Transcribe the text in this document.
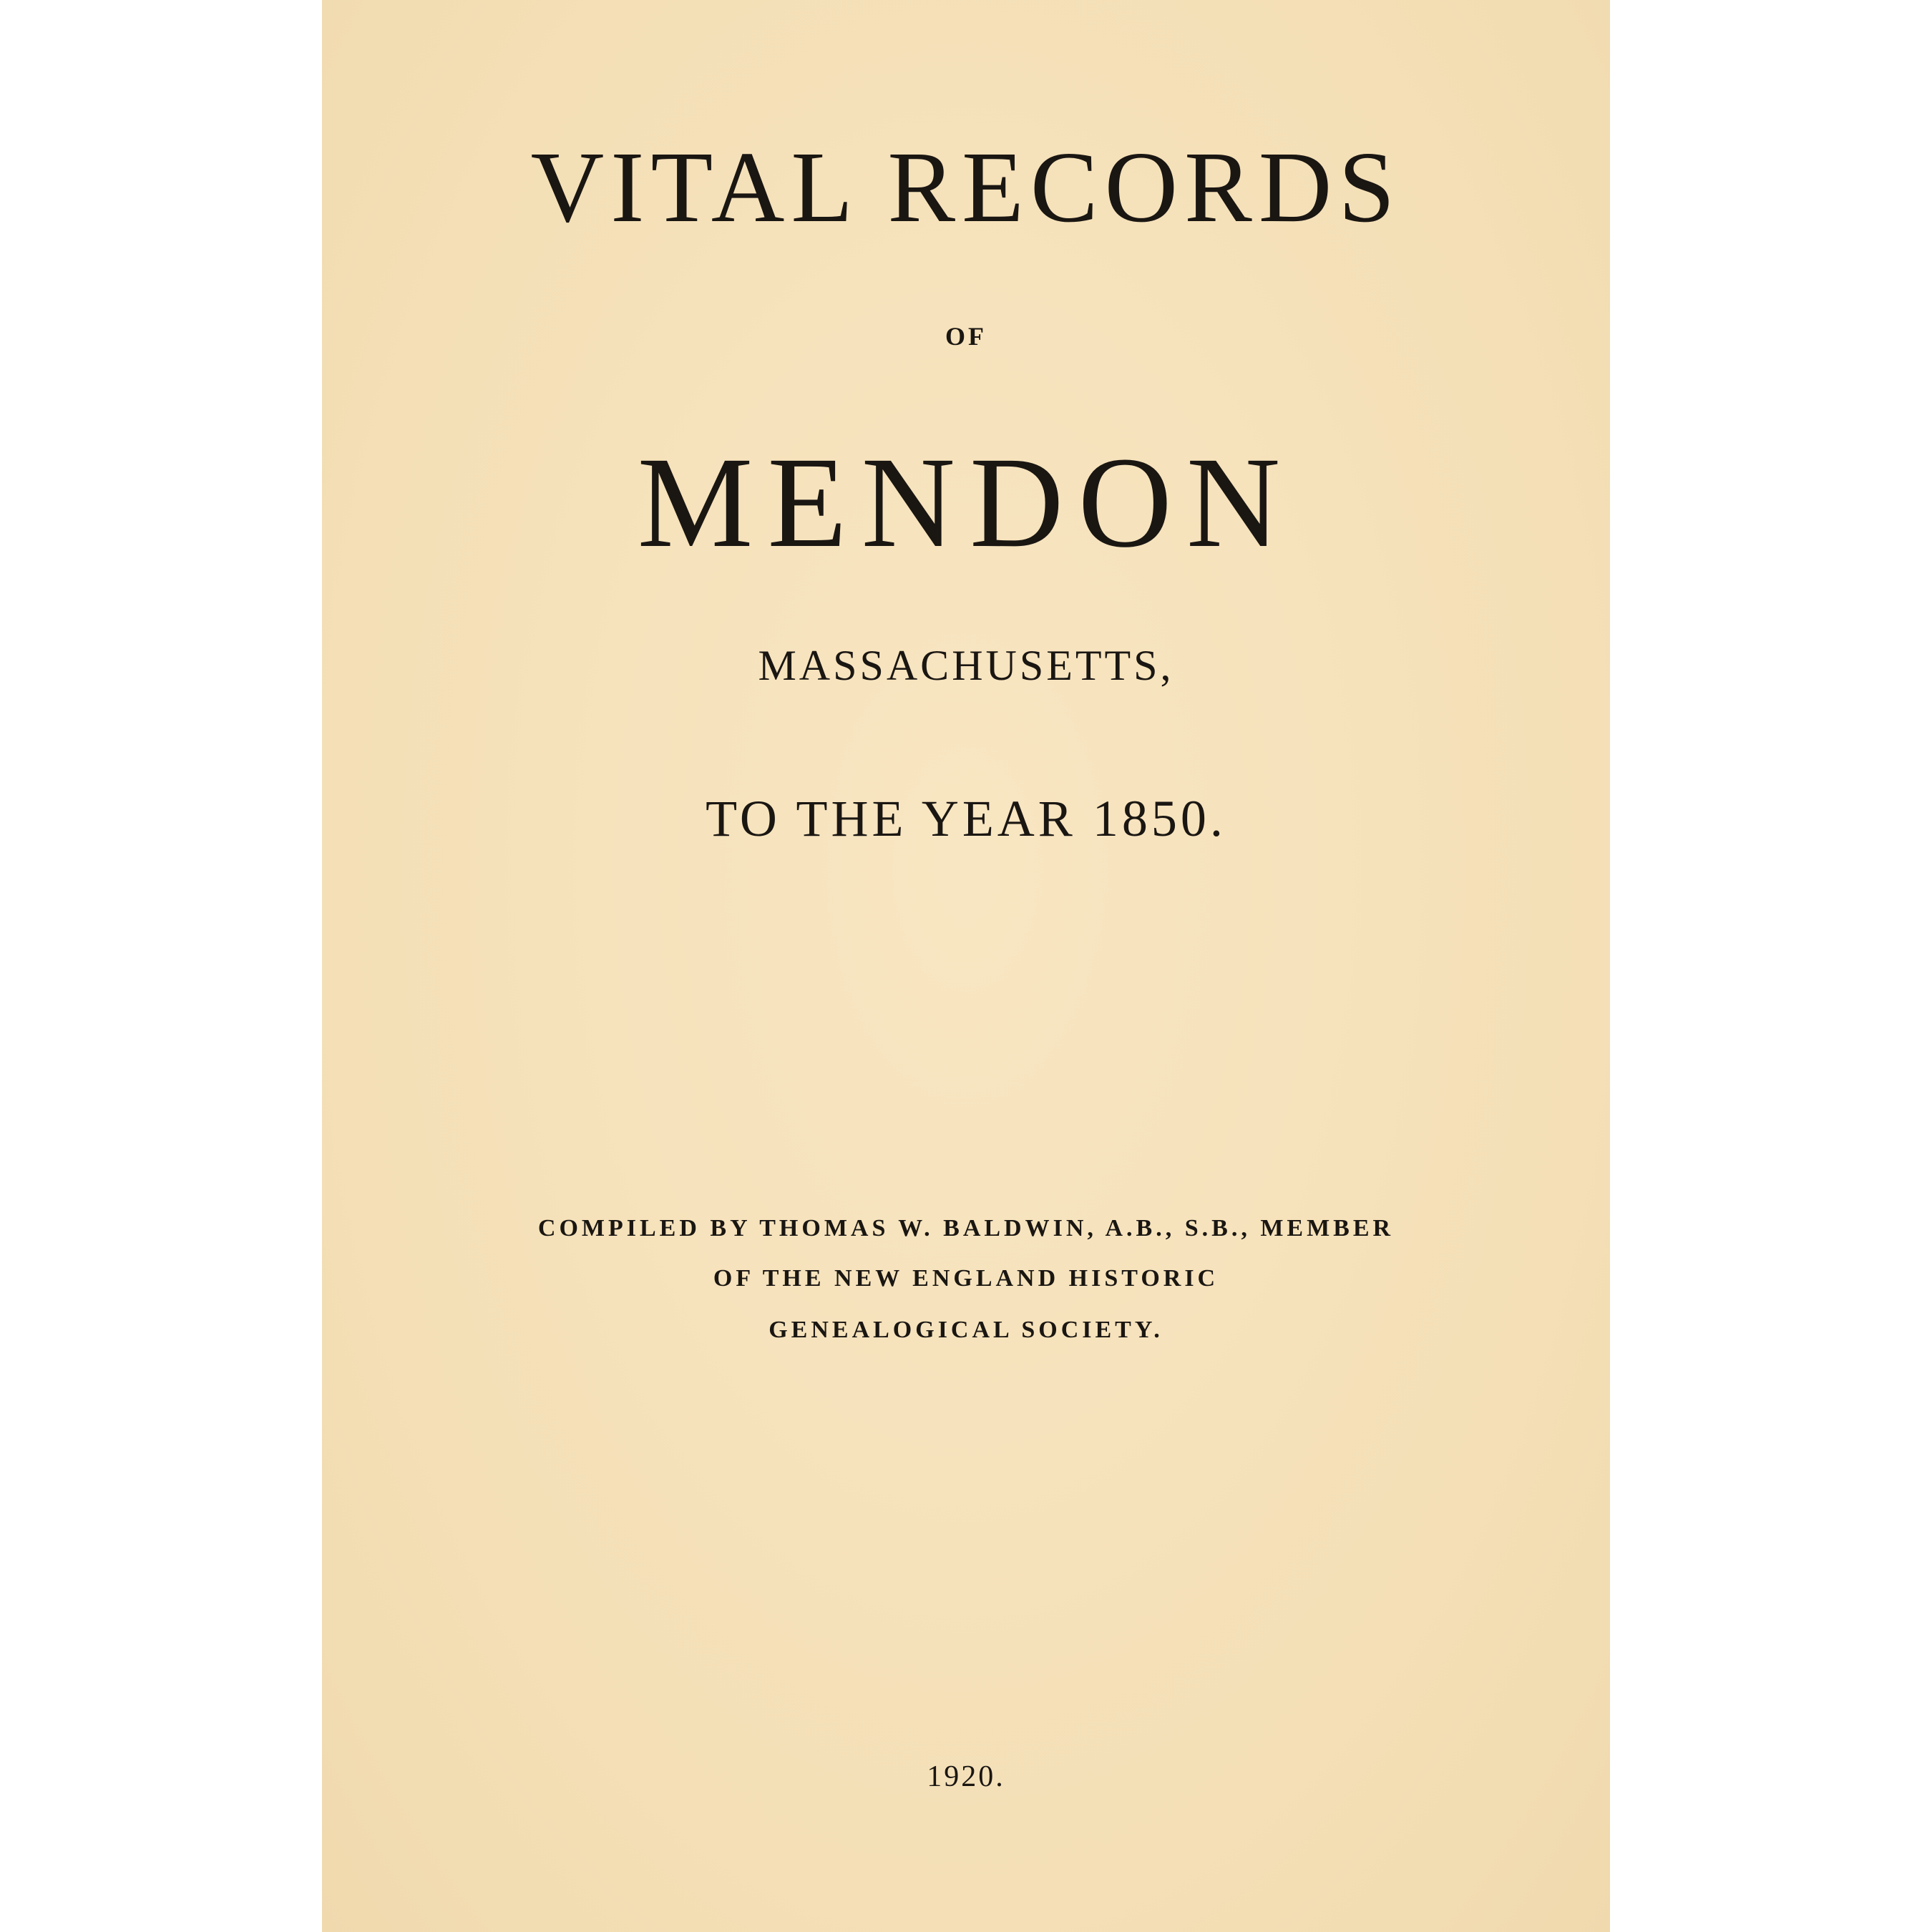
VITAL RECORDS
OF
MENDON
MASSACHUSETTS,
TO THE YEAR 1850.
COMPILED BY THOMAS W. BALDWIN, A.B., S.B., MEMBER
OF THE NEW ENGLAND HISTORIC
GENEALOGICAL SOCIETY.
1920.
